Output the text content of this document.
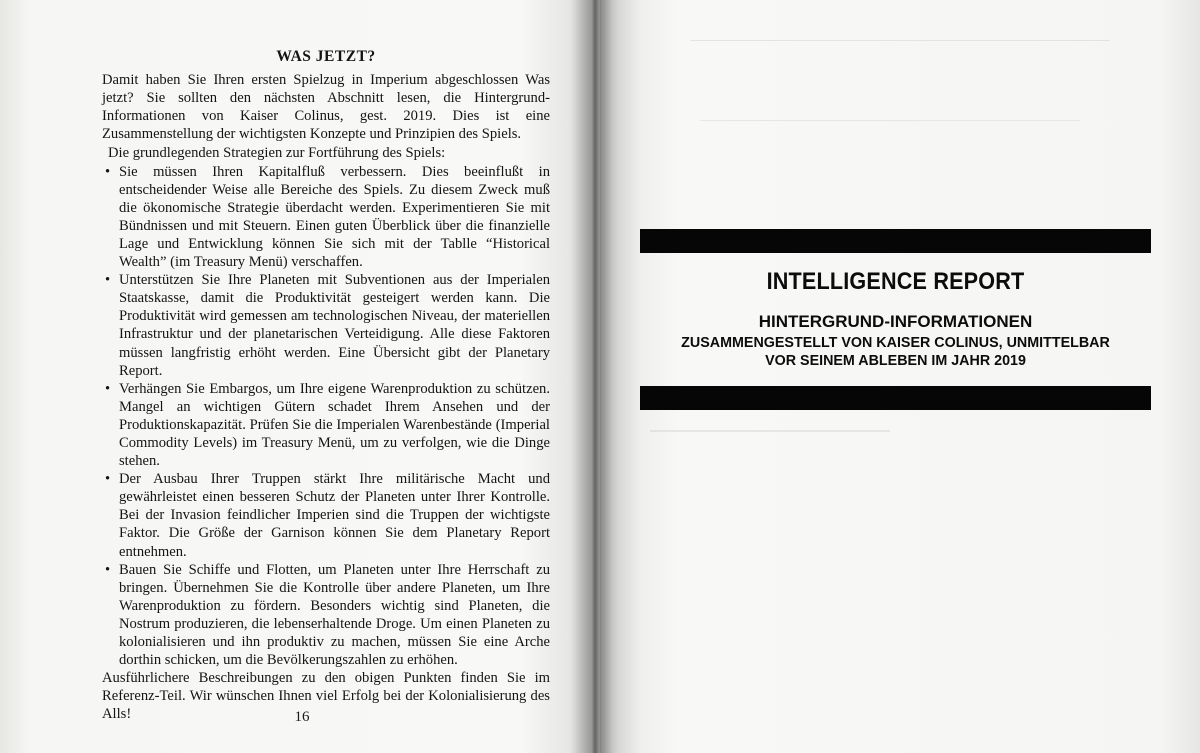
WAS JETZT?

Damit haben Sie Ihren ersten Spielzug in Imperium abgeschlossen Was jetzt? Sie sollten den nächsten Abschnitt lesen, die Hintergrund-Informationen von Kaiser Colinus, gest. 2019. Dies ist eine Zusammenstellung der wichtigsten Konzepte und Prinzipien des Spiels.

Die grundlegenden Strategien zur Fortführung des Spiels:

• Sie müssen Ihren Kapitalfluß verbessern. Dies beeinflußt in entscheidender Weise alle Bereiche des Spiels. Zu diesem Zweck muß die ökonomische Strategie überdacht werden. Experimentieren Sie mit Bündnissen und mit Steuern. Einen guten Überblick über die finanzielle Lage und Entwicklung können Sie sich mit der Tablle “Historical Wealth” (im Treasury Menü) verschaffen.
• Unterstützen Sie Ihre Planeten mit Subventionen aus der Imperialen Staatskasse, damit die Produktivität gesteigert werden kann. Die Produktivität wird gemessen am technologischen Niveau, der materiellen Infrastruktur und der planetarischen Verteidigung. Alle diese Faktoren müssen langfristig erhöht werden. Eine Übersicht gibt der Planetary Report.
• Verhängen Sie Embargos, um Ihre eigene Warenproduktion zu schützen. Mangel an wichtigen Gütern schadet Ihrem Ansehen und der Produktionskapazität. Prüfen Sie die Imperialen Warenbestände (Imperial Commodity Levels) im Treasury Menü, um zu verfolgen, wie die Dinge stehen.
• Der Ausbau Ihrer Truppen stärkt Ihre militärische Macht und gewährleistet einen besseren Schutz der Planeten unter Ihrer Kontrolle. Bei der Invasion feindlicher Imperien sind die Truppen der wichtigste Faktor. Die Größe der Garnison können Sie dem Planetary Report entnehmen.
• Bauen Sie Schiffe und Flotten, um Planeten unter Ihre Herrschaft zu bringen. Übernehmen Sie die Kontrolle über andere Planeten, um Ihre Warenproduktion zu fördern. Besonders wichtig sind Planeten, die Nostrum produzieren, die lebenserhaltende Droge. Um einen Planeten zu kolonialisieren und ihn produktiv zu machen, müssen Sie eine Arche dorthin schicken, um die Bevölkerungszahlen zu erhöhen.

Ausführlichere Beschreibungen zu den obigen Punkten finden Sie im Referenz-Teil. Wir wünschen Ihnen viel Erfolg bei der Kolonialisierung des Alls!	16
INTELLIGENCE REPORT
HINTERGRUND-INFORMATIONEN
ZUSAMMENGESTELLT VON KAISER COLINUS, UNMITTELBAR
VOR SEINEM ABLEBEN IM JAHR 2019
